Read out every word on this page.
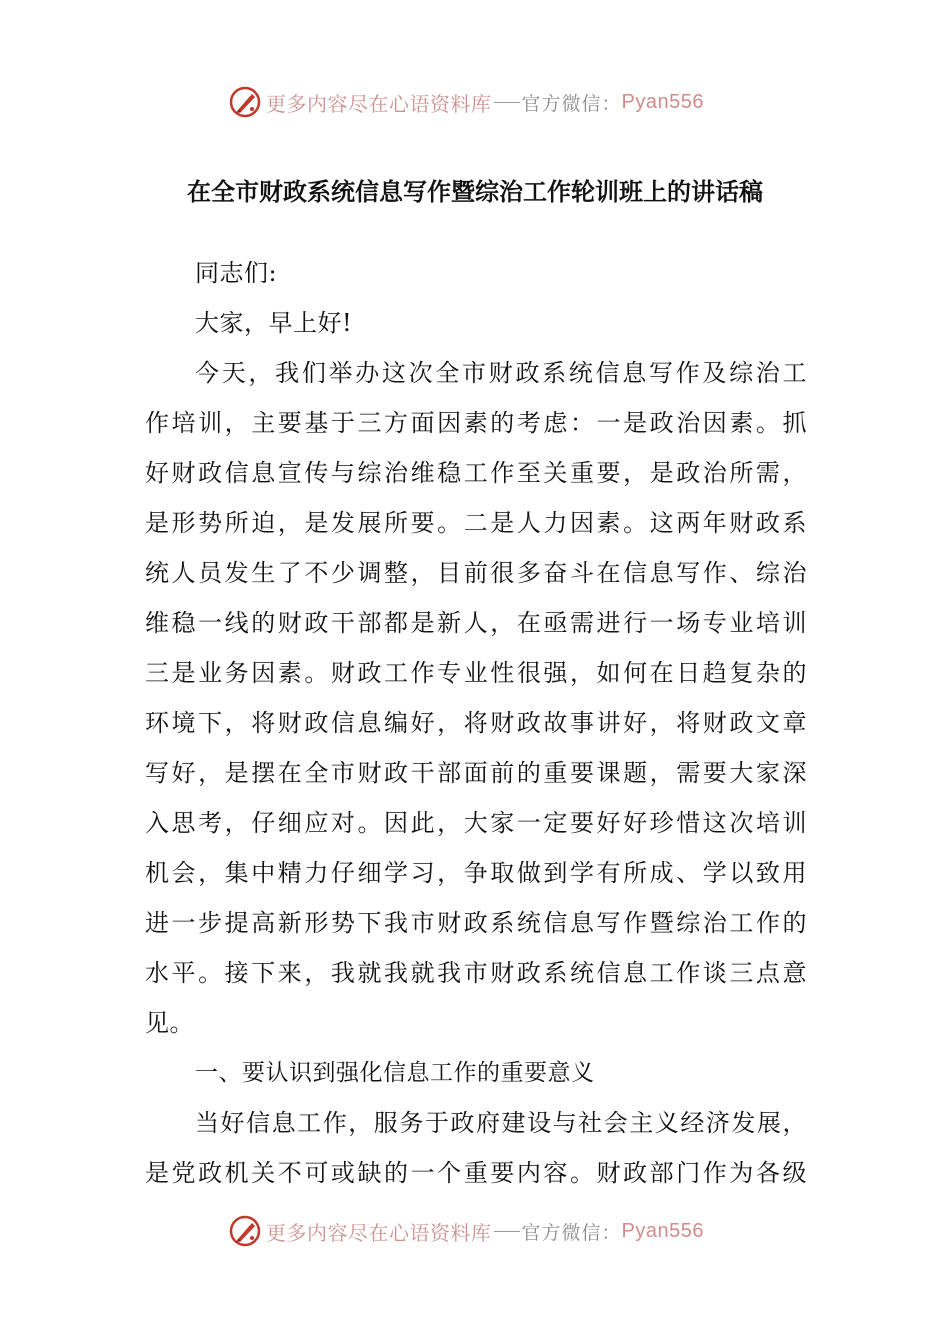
更多内容尽在心语资料库 官方微信： Pyan556
在全市财政系统信息写作暨综治工作轮训班上的讲话稿
同志们:
大家，早上好!
今天，我们举办这次全市财政系统信息写作及综治工
作培训，主要基于三方面因素的考虑：一是政治因素。抓
好财政信息宣传与综治维稳工作至关重要，是政治所需，
是形势所迫，是发展所要。二是人力因素。这两年财政系
统人员发生了不少调整，目前很多奋斗在信息写作、综治
维稳一线的财政干部都是新人，在亟需进行一场专业培训
三是业务因素。财政工作专业性很强，如何在日趋复杂的
环境下，将财政信息编好，将财政故事讲好，将财政文章
写好，是摆在全市财政干部面前的重要课题，需要大家深
入思考，仔细应对。因此，大家一定要好好珍惜这次培训
机会，集中精力仔细学习，争取做到学有所成、学以致用
进一步提高新形势下我市财政系统信息写作暨综治工作的
水平。接下来，我就我就我市财政系统信息工作谈三点意
见。
一、要认识到强化信息工作的重要意义
当好信息工作，服务于政府建设与社会主义经济发展，
是党政机关不可或缺的一个重要内容。财政部门作为各级
更多内容尽在心语资料库 官方微信： Pyan556
